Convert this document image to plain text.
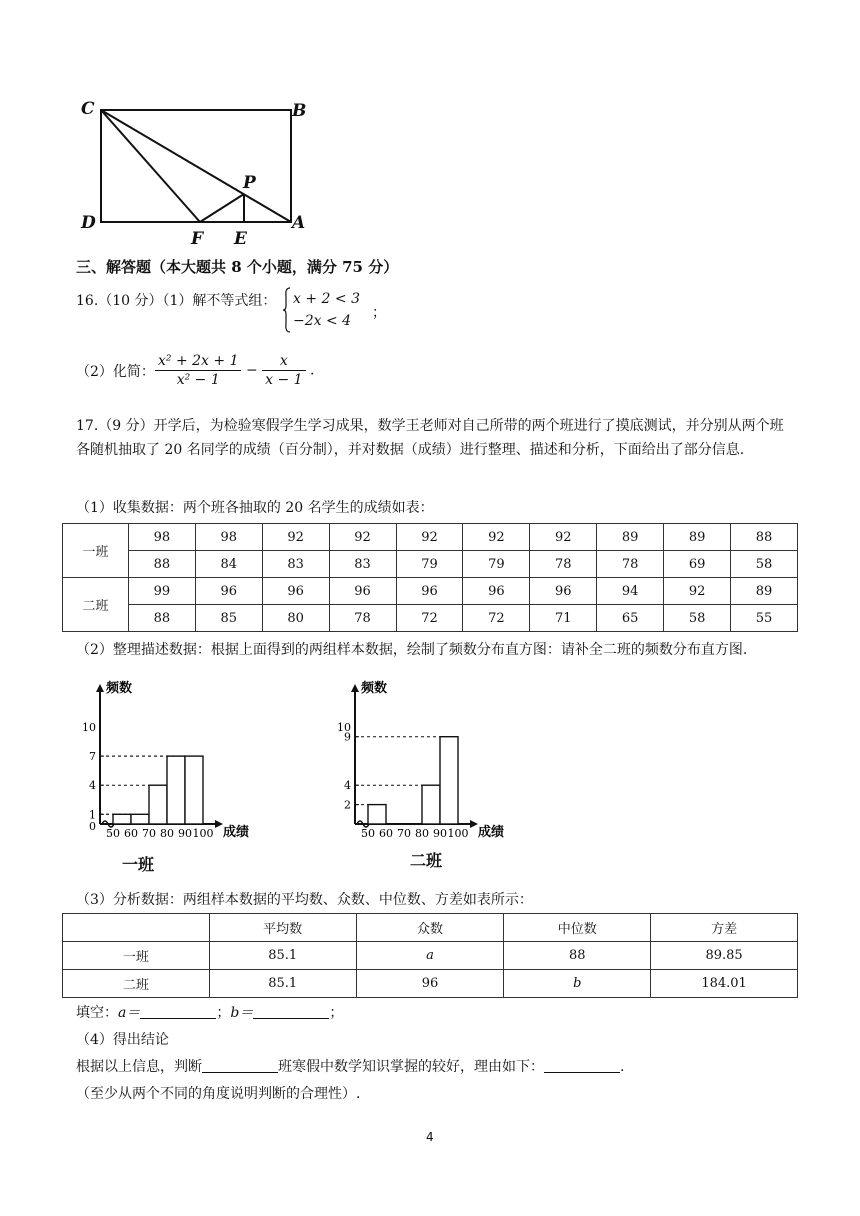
C	B
D	A
P
F E
三、解答题（本大题共 8 个小题，满分 75 分）
16.（10 分）（1）解不等式组： x + 2 < 3
−2x < 4	；
（2）化简： $\frac{\text{x² + 2x + 1}}{\text{x² − 1}} - \frac{x}{x - 1}$ .
17.（9 分）开学后，为检验寒假学生学习成果，数学王老师对自己所带的两个班进行了摸底测试，并分别从两个班各随机抽取了 20 名同学的成绩（百分制），并对数据（成绩）进行整理、描述和分析，下面给出了部分信息.
（1）收集数据：两个班各抽取的 20 名学生的成绩如表：
一班	98	98	92	92	92	92	92	89	89	88
	88	84	83	83	79	79	78	78	69	58
二班	99	96	96	96	96	96	96	94	92	89
	88	85	80	78	72	72	71	65	58	55
（2）整理描述数据：根据上面得到的两组样本数据，绘制了频数分布直方图：请补全二班的频数分布直方图.
频数
成绩
50 60 70 80 90 100
0
1
4
7
10
频数
成绩
50 60 70 80 90 100
2
4
9
10
一班	二班
（3）分析数据：两组样本数据的平均数、众数、中位数、方差如表所示：
	平均数	众数	中位数	方差
一班	85.1	a	88	89.85
二班	85.1	96	b	184.01
填空：a＝	；b＝	；
（4）得出结论
根据以上信息，判断	班寒假中数学知识掌握的较好，理由如下：	.
（至少从两个不同的角度说明判断的合理性）.
4
